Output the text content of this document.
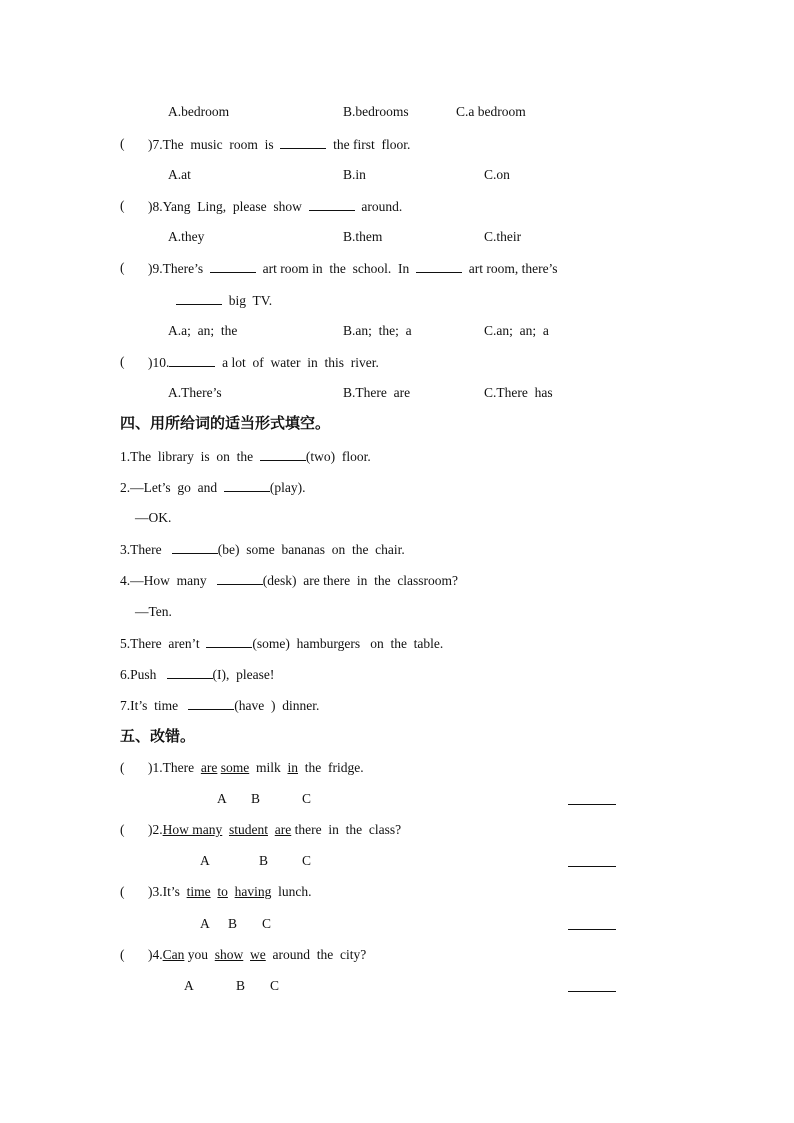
A.bedroom	B.bedrooms	C.a bedroom
( )7.The  music  room  is	the first  floor.
A.at	B.in	C.on
( )8.Yang  Ling,  please  show	around.
A.they	B.them	C.their
( )9.There’s	art room in  the  school.  In	art room, there’s
big  TV.
A.a;  an;  the	B.an;  the;  a	C.an;  an;  a
( )10.	a lot  of  water  in  this  river.
A.There’s	B.There  are	C.There  has
四、用所给词的适当形式填空。
1.The  library  is  on  the	(two)  floor.
2.—Let’s  go  and	(play).
—OK.
3.There	(be)  some  bananas  on  the  chair.
4.—How  many	(desk)  are there  in  the  classroom?
—Ten.
5.There  aren’t	(some)  hamburgers   on  the  table.
6.Push	(I),  please!
7.It’s  time	(have  )  dinner.
五、改错。
( )1.There are some milk in the  fridge.
A B	C
( )2.How many student are there  in  the  class?
A	B	C
( )3.It’s time to having lunch.
A B C
( )4.Can you show we around  the  city?
A	B C
